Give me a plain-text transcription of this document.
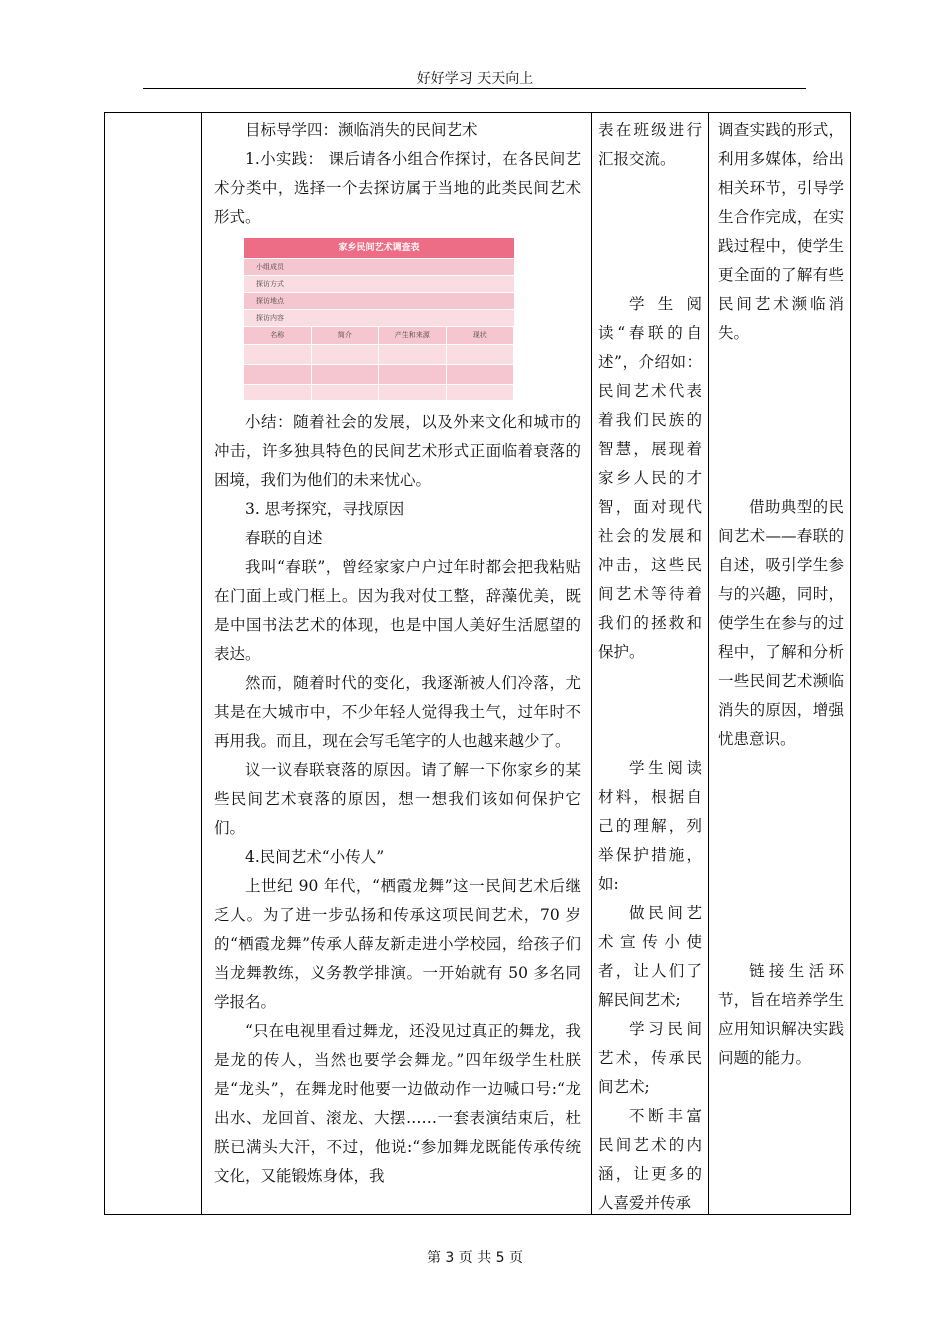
好好学习 天天向上

目标导学四：濒临消失的民间艺术

1.小实践： 课后请各小组合作探讨，在各民间艺术分类中，选择一个去探访属于当地的此类民间艺术形式。

家乡民间艺术调查表
小组成员
探访方式
探访地点
探访内容
名称	简介	产生和来源	现状

小结：随着社会的发展，以及外来文化和城市的冲击，许多独具特色的民间艺术形式正面临着衰落的困境，我们为他们的未来忧心。

3. 思考探究，寻找原因

春联的自述

我叫“春联”，曾经家家户户过年时都会把我粘贴在门面上或门框上。因为我对仗工整，辞藻优美，既是中国书法艺术的体现，也是中国人美好生活愿望的表达。

然而，随着时代的变化，我逐渐被人们冷落，尤其是在大城市中，不少年轻人觉得我土气，过年时不再用我。而且，现在会写毛笔字的人也越来越少了。

议一议春联衰落的原因。请了解一下你家乡的某些民间艺术衰落的原因，想一想我们该如何保护它们。

4.民间艺术“小传人”

上世纪 90 年代，“栖霞龙舞”这一民间艺术后继乏人。为了进一步弘扬和传承这项民间艺术，70 岁的“栖霞龙舞”传承人薛友新走进小学校园，给孩子们当龙舞教练，义务教学排演。一开始就有 50 多名同学报名。

“只在电视里看过舞龙，还没见过真正的舞龙，我是龙的传人，当然也要学会舞龙。”四年级学生杜朕是“龙头”，在舞龙时他要一边做动作一边喊口号:“龙出水、龙回首、滚龙、大摆……一套表演结束后，杜朕已满头大汗，不过，他说:“参加舞龙既能传承传统文化，又能锻炼身体，我

表在班级进行汇报交流。

学生阅读“春联的自述”，介绍如： 民间艺术代表着我们民族的智慧，展现着家乡人民的才智，面对现代社会的发展和冲击，这些民间艺术等待着我们的拯救和保护。

学生阅读材料，根据自己的理解，列举保护措施，如:

做民间艺术宣传小使者，让人们了解民间艺术;

学习民间艺术，传承民间艺术;

不断丰富民间艺术的内涵，让更多的人喜爱并传承

调查实践的形式，利用多媒体，给出相关环节，引导学生合作完成，在实践过程中，使学生更全面的了解有些民间艺术濒临消失。

借助典型的民间艺术——春联的自述，吸引学生参与的兴趣，同时，使学生在参与的过程中，了解和分析一些民间艺术濒临消失的原因，增强忧患意识。

链接生活环节，旨在培养学生应用知识解决实践问题的能力。

第 3 页 共 5 页
